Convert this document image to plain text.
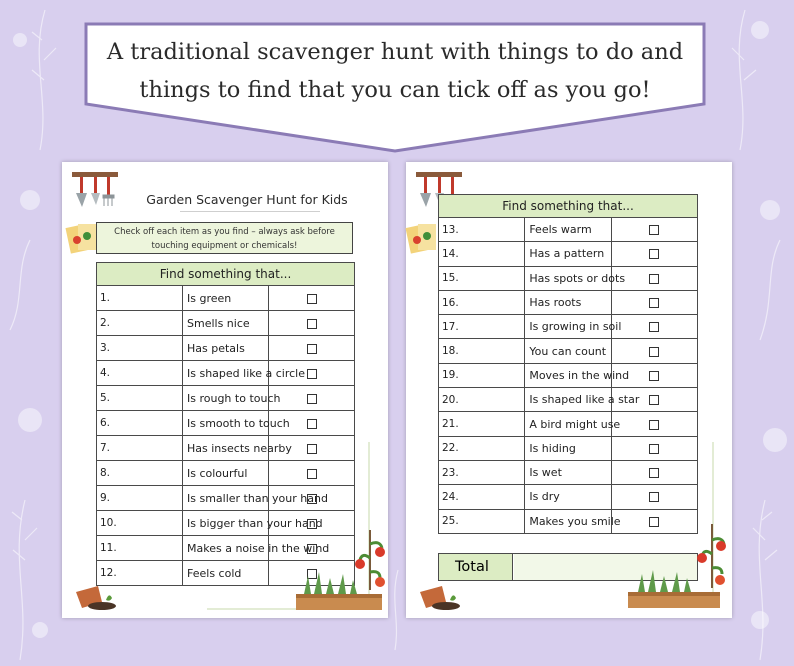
A traditional scavenger hunt with things to do and
things to find that you can tick off as you go!
Garden Scavenger Hunt for Kids
Check off each item as you find – always ask before
touching equipment or chemicals!
Find something that...		
1.	Is green	
2.	Smells nice	
3.	Has petals	
4.	Is shaped like a circle	
5.	Is rough to touch	
6.	Is smooth to touch	
7.	Has insects nearby	
8.	Is colourful	
9.	Is smaller than your hand	
10.	Is bigger than your hand	
11.	Makes a noise in the wind	
12.	Feels cold	
Find something that...		
13.	Feels warm	
14.	Has a pattern	
15.	Has spots or dots	
16.	Has roots	
17.	Is growing in soil	
18.	You can count	
19.	Moves in the wind	
20.	Is shaped like a star	
21.	A bird might use	
22.	Is hiding	
23.	Is wet	
24.	Is dry	
25.	Makes you smile	
Total
